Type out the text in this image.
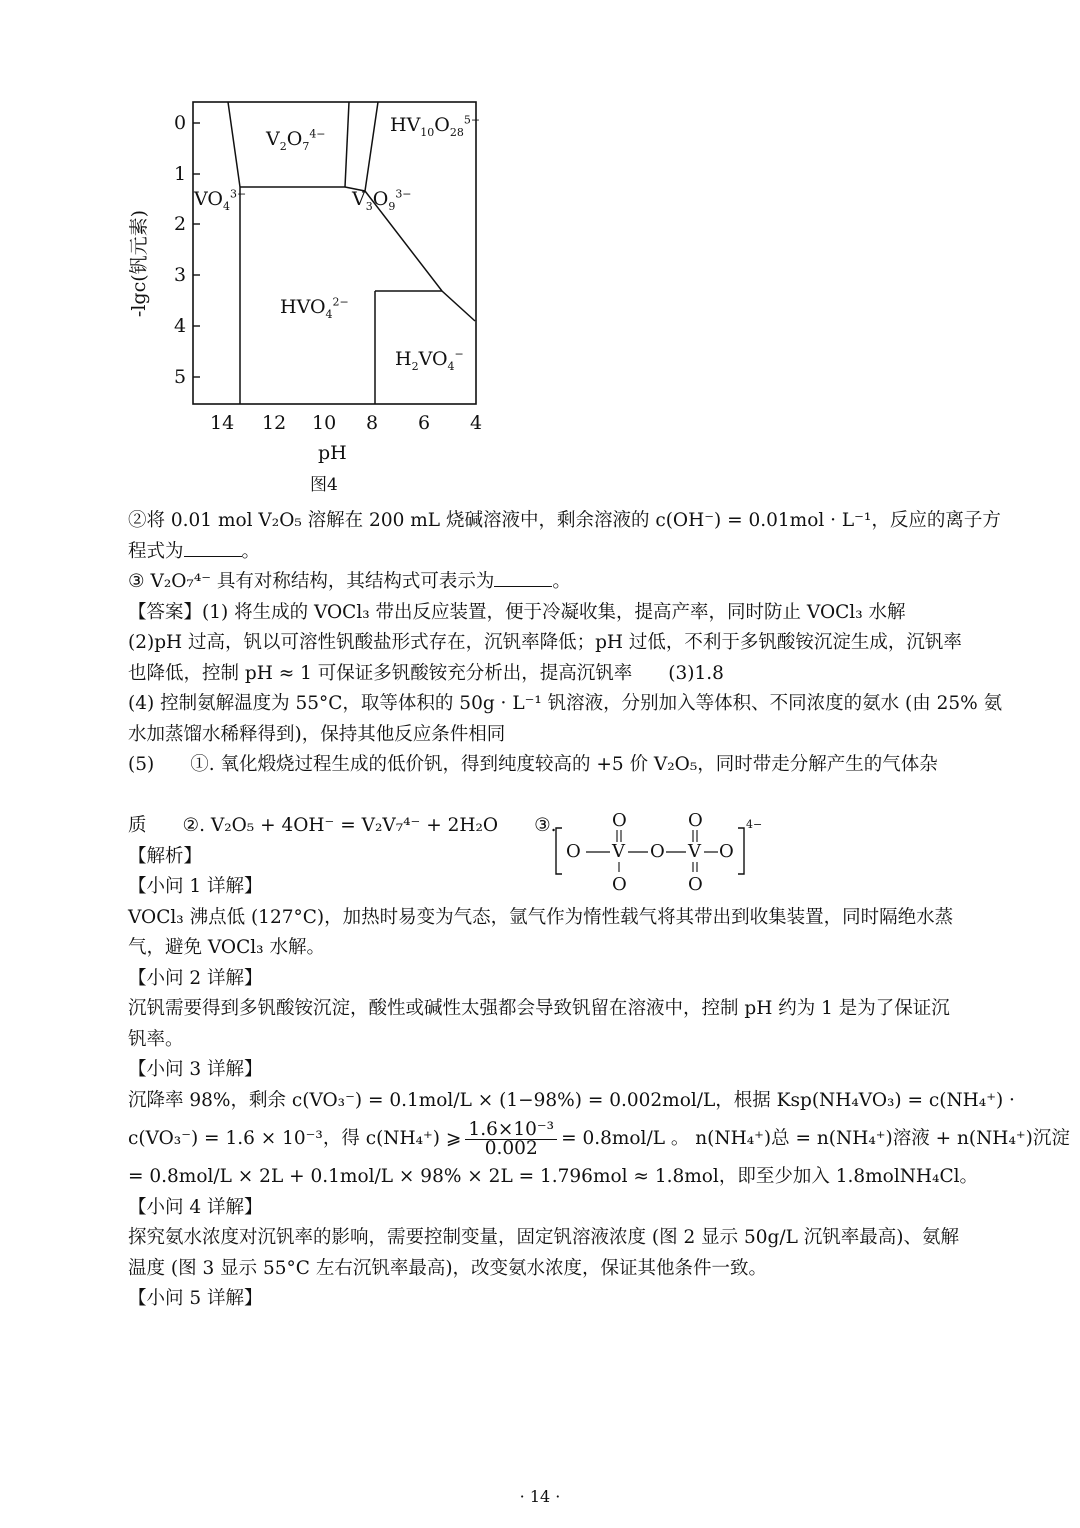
0
1
2
3
4
5
14 12 10 8 6 4
pH
图4
-lgc(钒元素)
$V_2O_7^{4-}$	$HV_{10}O_{28}^{5-}$
$VO_4^{3-}$	$V_3O_9^{3-}$
$HVO_4^{2-}$
$H_2VO_4^-$
O V O V O
O	O
O	O
4−
②将 0.01 mol V₂O₅ 溶解在 200 mL 烧碱溶液中，剩余溶液的 c(OH⁻) = 0.01mol · L⁻¹，反应的离子方
程式为	。
③ V₂O₇⁴⁻ 具有对称结构，其结构式可表示为	。
【答案】(1) 将生成的 VOCl₃ 带出反应装置，便于冷凝收集，提高产率，同时防止 VOCl₃ 水解
(2)pH 过高，钒以可溶性钒酸盐形式存在，沉钒率降低；pH 过低，不利于多钒酸铵沉淀生成，沉钒率
也降低，控制 pH ≈ 1 可保证多钒酸铵充分析出，提高沉钒率 (3)1.8
(4) 控制氨解温度为 55°C，取等体积的 50g · L⁻¹ 钒溶液，分别加入等体积、不同浓度的氨水 (由 25% 氨
水加蒸馏水稀释得到)，保持其他反应条件相同
(5) ①. 氧化煅烧过程生成的低价钒，得到纯度较高的 +5 价 V₂O₅，同时带走分解产生的气体杂
质 ②. V₂O₅ + 4OH⁻ = V₂V₇⁴⁻ + 2H₂O ③.
【解析】
【小问 1 详解】
VOCl₃ 沸点低 (127°C)，加热时易变为气态，氩气作为惰性载气将其带出到收集装置，同时隔绝水蒸
气，避免 VOCl₃ 水解。
【小问 2 详解】
沉钒需要得到多钒酸铵沉淀，酸性或碱性太强都会导致钒留在溶液中，控制 pH 约为 1 是为了保证沉
钒率。
【小问 3 详解】
沉降率 98%，剩余 c(VO₃⁻) = 0.1mol/L × (1−98%) = 0.002mol/L，根据 Ksp(NH₄VO₃) = c(NH₄⁺) ·
c(VO₃⁻) = 1.6 × 10⁻³，得 c(NH₄⁺) ⩾ $\frac{\text{1.6×10⁻³}}{0.002} = 0.8mol/L$ 。 n(NH₄⁺)总 = n(NH₄⁺)溶液 + n(NH₄⁺)沉淀
= 0.8mol/L × 2L + 0.1mol/L × 98% × 2L = 1.796mol ≈ 1.8mol，即至少加入 1.8molNH₄Cl。
【小问 4 详解】
探究氨水浓度对沉钒率的影响，需要控制变量，固定钒溶液浓度 (图 2 显示 50g/L 沉钒率最高)、氨解
温度 (图 3 显示 55°C 左右沉钒率最高)，改变氨水浓度，保证其他条件一致。
【小问 5 详解】
· 14 ·
